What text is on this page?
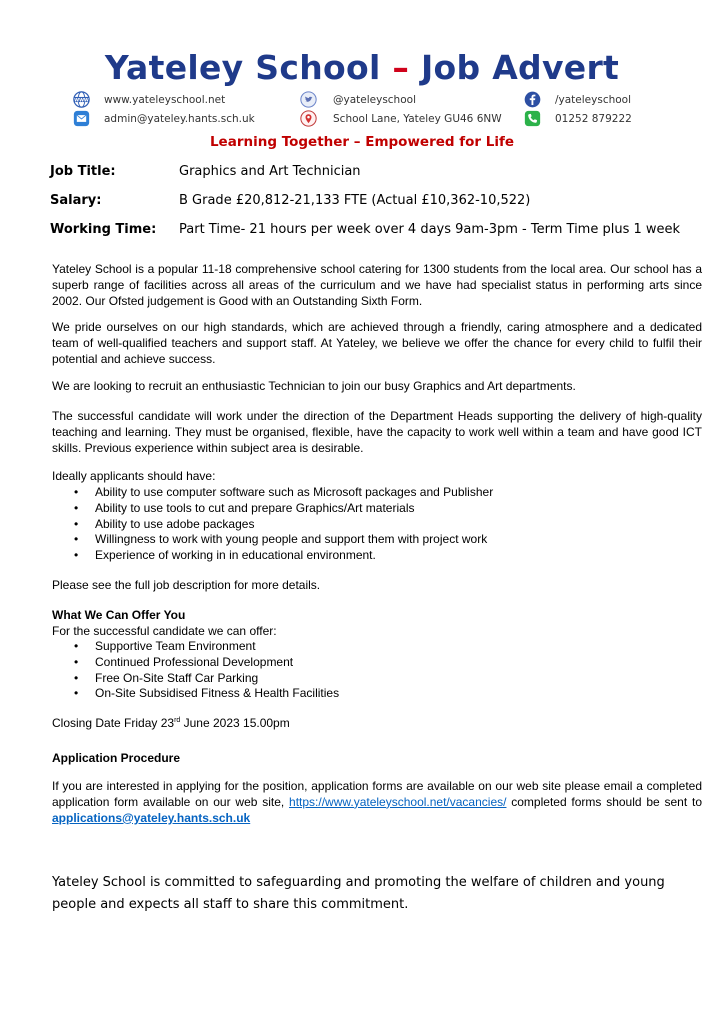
Yateley School – Job Advert
WWW www.yateleyschool.net	@yateleyschool	/yateleyschool
admin@yateley.hants.sch.uk	School Lane, Yateley GU46 6NW	01252 879222
Learning Together – Empowered for Life
Job Title:	Graphics and Art Technician
Salary:	B Grade £20,812-21,133 FTE (Actual £10,362-10,522)
Working Time: Part Time- 21 hours per week over 4 days 9am-3pm - Term Time plus 1 week
Yateley School is a popular 11-18 comprehensive school catering for 1300 students from the local area. Our school has a superb range of facilities across all areas of the curriculum and we have had specialist status in performing arts since 2002. Our Ofsted judgement is Good with an Outstanding Sixth Form.
We pride ourselves on our high standards, which are achieved through a friendly, caring atmosphere and a dedicated team of well-qualified teachers and support staff. At Yateley, we believe we offer the chance for every child to fulfil their potential and achieve success.
We are looking to recruit an enthusiastic Technician to join our busy Graphics and Art departments.
The successful candidate will work under the direction of the Department Heads supporting the delivery of high-quality teaching and learning. They must be organised, flexible, have the capacity to work well within a team and have good ICT skills. Previous experience within subject area is desirable.
Ideally applicants should have:
• Ability to use computer software such as Microsoft packages and Publisher
• Ability to use tools to cut and prepare Graphics/Art materials
• Ability to use adobe packages
• Willingness to work with young people and support them with project work
• Experience of working in in educational environment.
Please see the full job description for more details.
What We Can Offer You
For the successful candidate we can offer:
• Supportive Team Environment
• Continued Professional Development
• Free On-Site Staff Car Parking
• On-Site Subsidised Fitness & Health Facilities
Closing Date Friday 23rd June 2023 15.00pm
Application Procedure
If you are interested in applying for the position, application forms are available on our web site please email a completed application form available on our web site, https://www.yateleyschool.net/vacancies/ completed forms should be sent to applications@yateley.hants.sch.uk
Yateley School is committed to safeguarding and promoting the welfare of children and young people and expects all staff to share this commitment.
